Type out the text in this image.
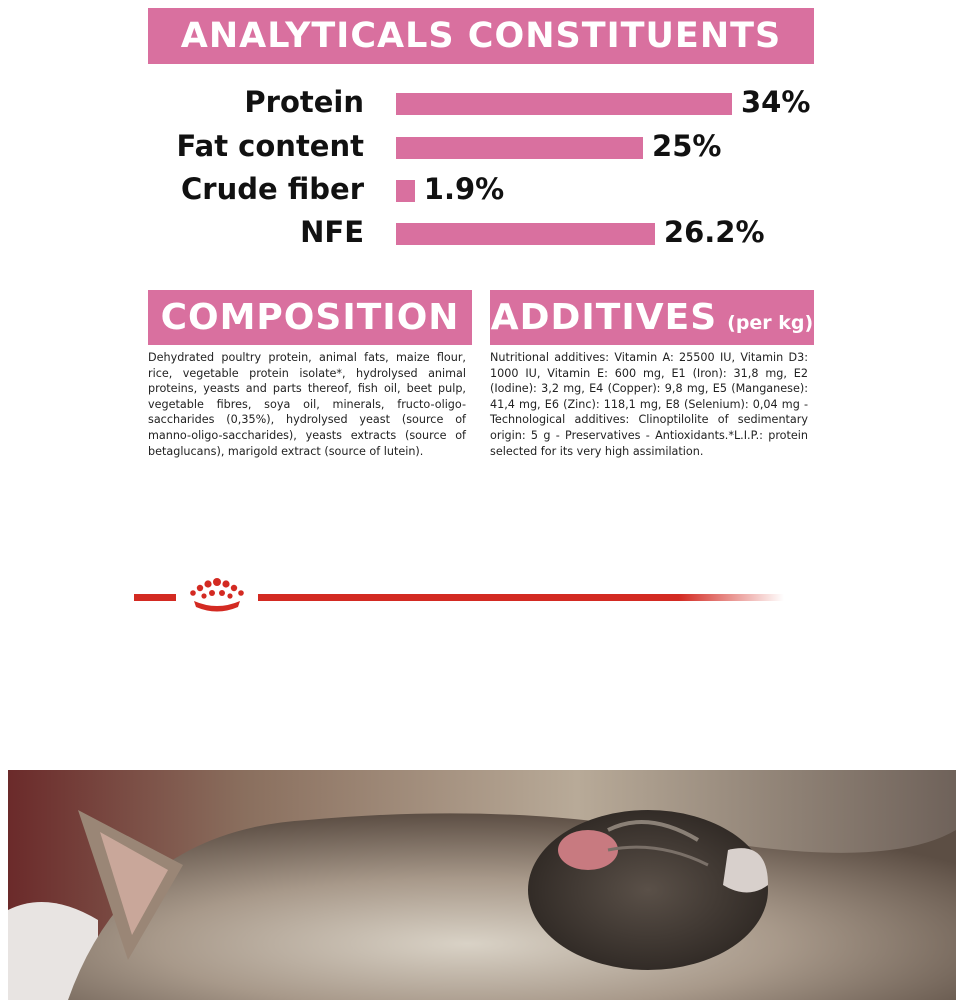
ANALYTICALS CONSTITUENTS
Protein	34%
Fat content	25%
Crude fiber 1.9%
NFE	26.2%
COMPOSITION ADDITIVES (per kg)
Dehydrated poultry protein, animal fats, maize flour, rice, vegetable protein isolate*, hydrolysed animal proteins, yeasts and parts thereof, fish oil, beet pulp, vegetable fibres, soya oil, minerals, fructo-oligo-saccharides (0,35%), hydrolysed yeast (source of manno-oligo-saccharides), yeasts extracts (source of betaglucans), marigold extract (source of lutein).
Nutritional additives: Vitamin A: 25500 IU, Vitamin D3: 1000 IU, Vitamin E: 600 mg, E1 (Iron): 31,8 mg, E2 (Iodine): 3,2 mg, E4 (Copper): 9,8 mg, E5 (Manganese): 41,4 mg, E6 (Zinc): 118,1 mg, E8 (Selenium): 0,04 mg - Technological additives: Clinoptilolite of sedimentary origin: 5 g - Preservatives - Antioxidants.*L.I.P.: protein selected for its very high assimilation.
